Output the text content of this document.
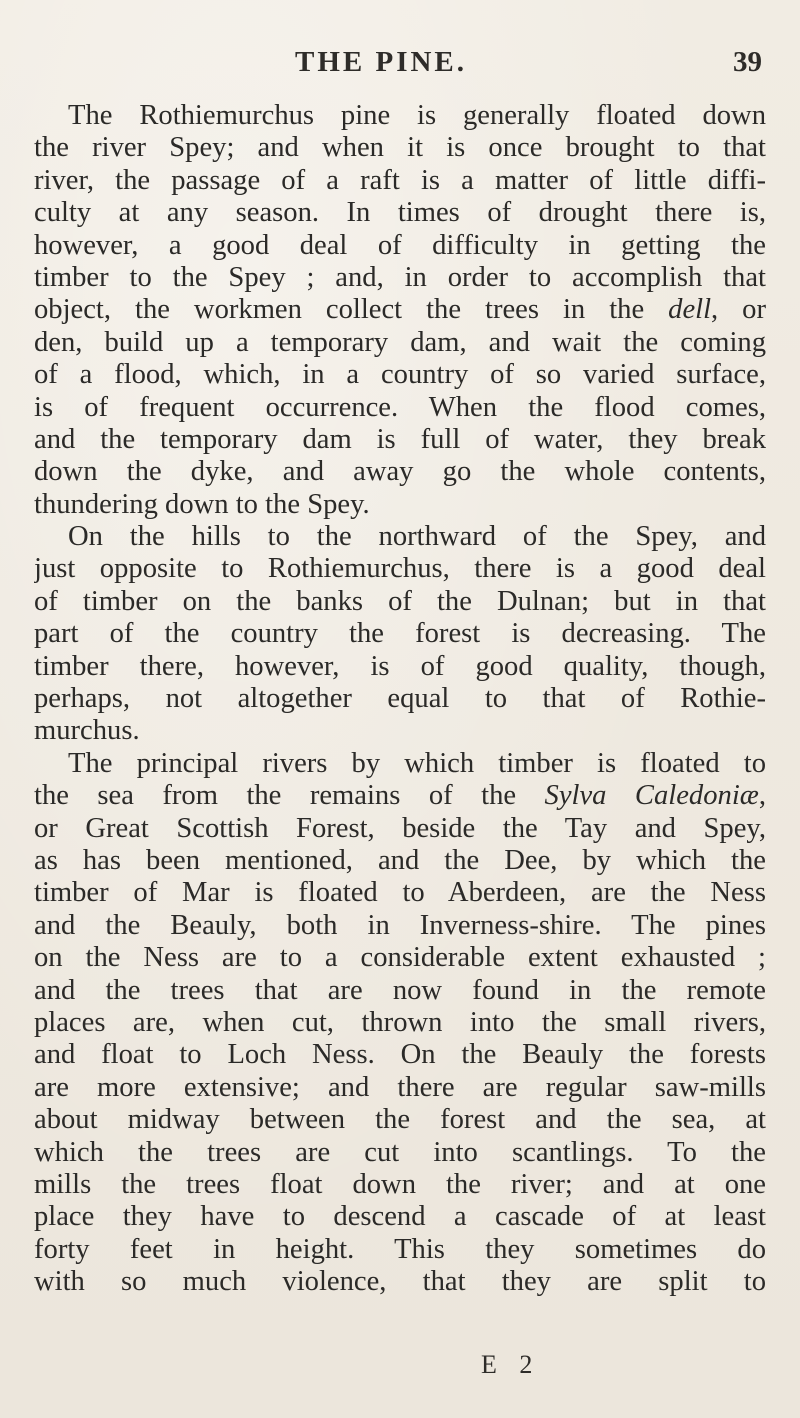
THE PINE.	39
The Rothiemurchus pine is generally floated down
the river Spey; and when it is once brought to that
river, the passage of a raft is a matter of little diffi-
culty at any season. In times of drought there is,
however, a good deal of difficulty in getting the
timber to the Spey ; and, in order to accomplish that
object, the workmen collect the trees in the dell, or
den, build up a temporary dam, and wait the coming
of a flood, which, in a country of so varied surface,
is of frequent occurrence. When the flood comes,
and the temporary dam is full of water, they break
down the dyke, and away go the whole contents,
thundering down to the Spey.
On the hills to the northward of the Spey, and
just opposite to Rothiemurchus, there is a good deal
of timber on the banks of the Dulnan; but in that
part of the country the forest is decreasing. The
timber there, however, is of good quality, though,
perhaps, not altogether equal to that of Rothie-
murchus.
The principal rivers by which timber is floated to
the sea from the remains of the Sylva Caledoniæ,
or Great Scottish Forest, beside the Tay and Spey,
as has been mentioned, and the Dee, by which the
timber of Mar is floated to Aberdeen, are the Ness
and the Beauly, both in Inverness-shire. The pines
on the Ness are to a considerable extent exhausted ;
and the trees that are now found in the remote
places are, when cut, thrown into the small rivers,
and float to Loch Ness. On the Beauly the forests
are more extensive; and there are regular saw-mills
about midway between the forest and the sea, at
which the trees are cut into scantlings. To the
mills the trees float down the river; and at one
place they have to descend a cascade of at least
forty feet in height. This they sometimes do
with so much violence, that they are split to
E 2
